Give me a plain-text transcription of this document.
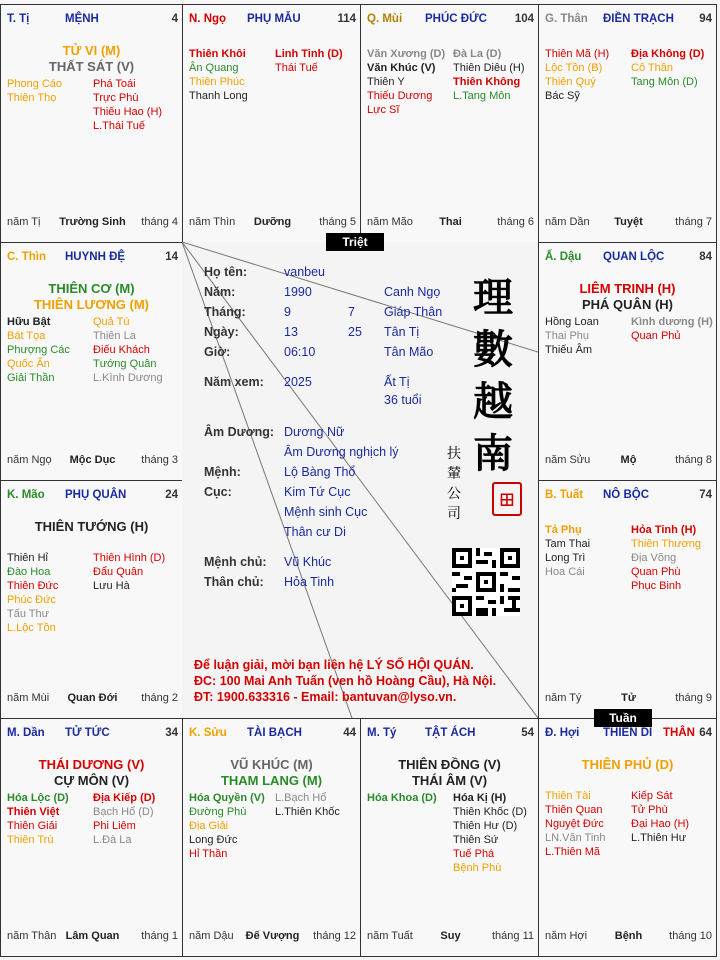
T. Tị	MỆNH	4
TỬ VI (M)
THẤT SÁT (V)
Phong Cáo
Thiên Thọ
Phá Toái
Trực Phù
Thiếu Hao (H)
L.Thái Tuế
năm Tị	Trường Sinh	tháng 4
N. Ngọ PHỤ MẪU	114
Thiên Khôi
Ân Quang
Thiên Phúc
Thanh Long
Linh Tinh (D)
Thái Tuế
năm Thìn	Dưỡng	tháng 5
Q. Mùi PHÚC ĐỨC 104
Văn Xương (D)
Văn Khúc (V)
Thiên Y
Thiếu Dương
Lực Sĩ
Đà La (D)
Thiên Diêu (H)
Thiên Không
L.Tang Môn
năm Mão	Thai	tháng 6
G. Thân ĐIỀN TRẠCH 94
Thiên Mã (H)
Lộc Tồn (B)
Thiên Quý
Bác Sỹ
Địa Không (D)
Cô Thần
Tang Môn (D)
năm Dần	Tuyệt	tháng 7
C. Thìn HUYNH ĐỆ	14
THIÊN CƠ (M)
THIÊN LƯƠNG (M)
Hữu Bật
Bát Tọa
Phượng Các
Quốc Ấn
Giải Thần
Quả Tú
Thiên La
Điếu Khách
Tướng Quân
L.Kình Dương
năm Ngọ	Mộc Dục	tháng 3
Ấ. Dậu QUAN LỘC	84
LIÊM TRINH (H)
PHÁ QUÂN (H)
Hồng Loan
Thai Phụ
Thiếu Âm
Kình dương (H)
Quan Phủ
năm Sửu	Mộ	tháng 8
K. Mão PHỤ QUÂN	24
THIÊN TƯỚNG (H)
Thiên Hỉ
Đào Hoa
Thiên Đức
Phúc Đức
Tấu Thư
L.Lộc Tồn
Thiên Hình (D)
Đẩu Quân
Lưu Hà
năm Mùi	Quan Đới	tháng 2
B. Tuất NÔ BỘC	74
Tả Phụ
Tam Thai
Long Trì
Hoa Cái
Hỏa Tinh (H)
Thiên Thương
Địa Võng
Quan Phù
Phục Binh
năm Tý	Tử	tháng 9
M. Dần TỬ TỨC	34
THÁI DƯƠNG (V)
CỰ MÔN (V)
Hóa Lộc (D)
Thiên Việt
Thiên Giải
Thiên Trù
Địa Kiếp (D)
Bạch Hổ (D)
Phi Liêm
L.Đà La
năm Thân Lâm Quan	tháng 1
K. Sửu TÀI BẠCH	44
VŨ KHÚC (M)
THAM LANG (M)
Hóa Quyền (V)
Đường Phù
Địa Giải
Long Đức
Hỉ Thần
L.Bạch Hổ
L.Thiên Khốc
năm Dậu	Đế Vượng	tháng 12
M. Tý TẬT ÁCH	54
THIÊN ĐỒNG (V)
THÁI ÂM (V)
Hóa Khoa (D) Hóa Kị (H)
Thiên Khốc (D)
Thiên Hư (D)
Thiên Sứ
Tuế Phá
Bệnh Phù
năm Tuất	Suy	tháng 11
Đ. Hợi THIÊN DI THÂN 64
THIÊN PHỦ (D)
Thiên Tài
Thiên Quan
Nguyệt Đức
LN.Văn Tinh
L.Thiên Mã
Kiếp Sát
Tử Phù
Đại Hao (H)
L.Thiên Hư
năm Hợi	Bệnh	tháng 10
Họ tên:	vanbeu
Năm:	1990	Canh Ngọ
Tháng:	9	7 Giáp Thân
Ngày:	13	25 Tân Tị
Giờ:	06:10	Tân Mão
Năm xem: 2025	Ất Tị
36 tuổi
Âm Dương: Dương Nữ
Âm Dương nghịch lý
Mệnh:	Lộ Bàng Thổ
Cục:	Kim Tứ Cục
Mệnh sinh Cục
Thân cư Di
Mệnh chủ: Vũ Khúc
Thân chủ: Hỏa Tinh
理
數
越
南
扶
輦
公
司
⊞
Để luận giải, mời bạn liên hệ LÝ SỐ HỘI QUÁN.
ĐC: 100 Mai Anh Tuấn (ven hồ Hoàng Cầu), Hà Nội.
ĐT: 1900.633316 - Email: bantuvan@lyso.vn.
Triệt
Tuần
